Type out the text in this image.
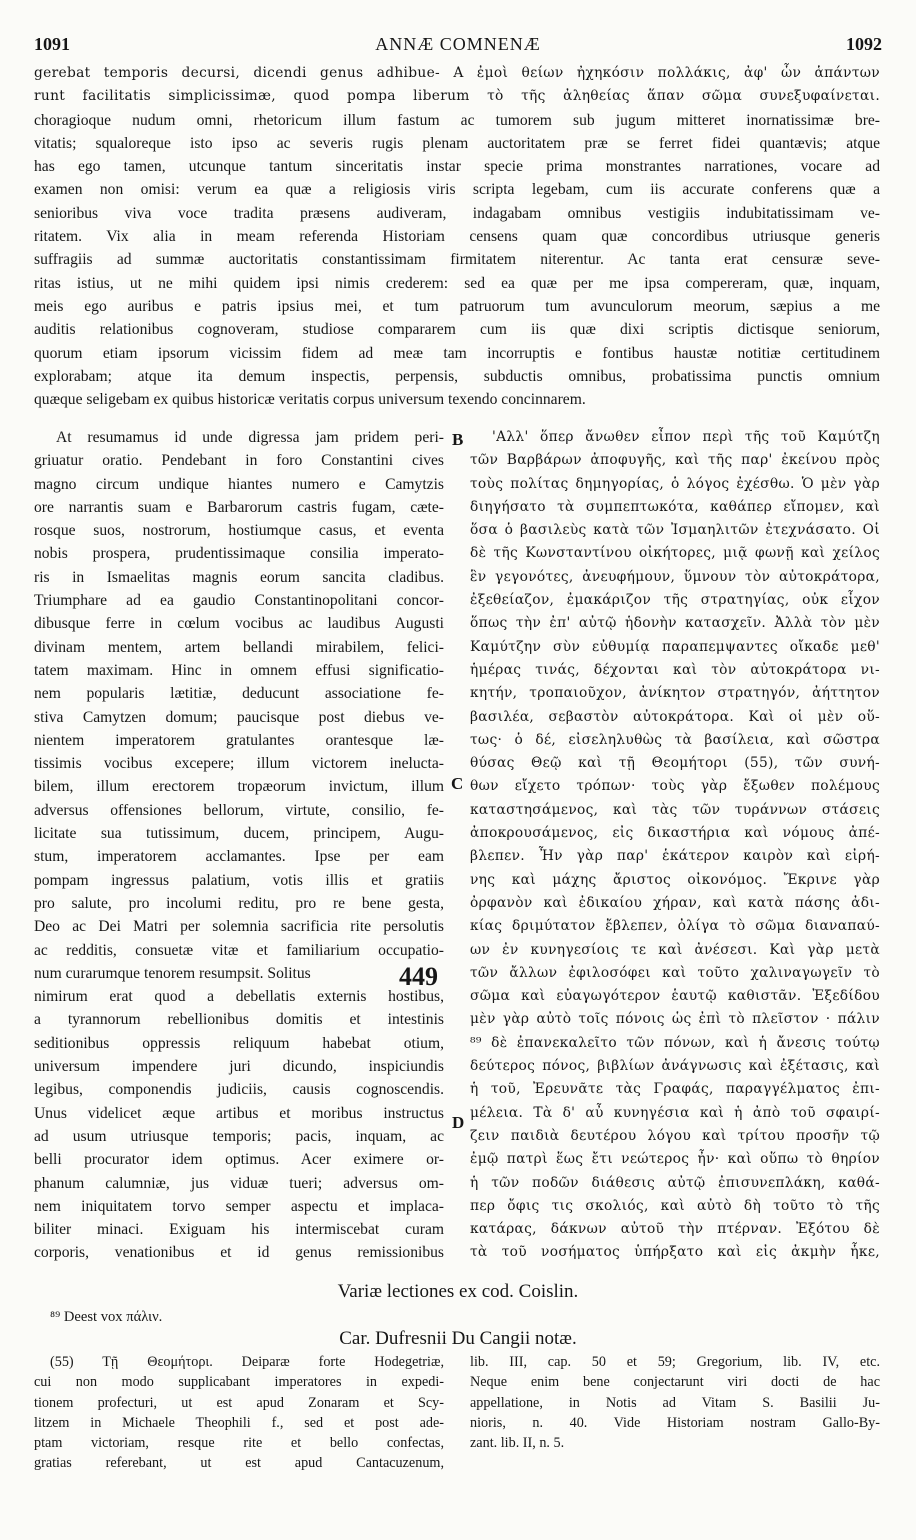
1091	ANNÆ COMNENÆ	1092
gerebat temporis decursi, dicendi genus adhibue- A ἐμοὶ θείων ἠχηκόσιν πολλάκις, ἀφ' ὧν ἁπάντων
runt facilitatis simplicissimæ, quod pompa liberum τὸ τῆς ἀληθείας ἅπαν σῶμα συνεξυφαίνεται.
choragioque nudum omni, rhetoricum illum fastum ac tumorem sub jugum mitteret inornatissimæ bre-
vitatis; squaloreque isto ipso ac severis rugis plenam auctoritatem præ se ferret fidei quantævis; atque
has ego tamen, utcunque tantum sinceritatis instar specie prima monstrantes narrationes, vocare ad
examen non omisi: verum ea quæ a religiosis viris scripta legebam, cum iis accurate conferens quæ a
senioribus viva voce tradita præsens audiveram, indagabam omnibus vestigiis indubitatissimam ve-
ritatem. Vix alia in meam referenda Historiam censens quam quæ concordibus utriusque generis
suffragiis ad summæ auctoritatis constantissimam firmitatem niterentur. Ac tanta erat censuræ seve-
ritas istius, ut ne mihi quidem ipsi nimis crederem: sed ea quæ per me ipsa compereram, quæ, inquam,
meis ego auribus e patris ipsius mei, et tum patruorum tum avunculorum meorum, sæpius a me
auditis relationibus cognoveram, studiose compararem cum iis quæ dixi scriptis dictisque seniorum,
quorum etiam ipsorum vicissim fidem ad meæ tam incorruptis e fontibus haustæ notitiæ certitudinem
explorabam; atque ita demum inspectis, perpensis, subductis omnibus, probatissima punctis omnium
quæque seligebam ex quibus historicæ veritatis corpus universum texendo concinnarem.
At resumamus id unde digressa jam pridem peri-
griuatur oratio. Pendebant in foro Constantini cives
magno circum undique hiantes numero e Camytzis
ore narrantis suam e Barbarorum castris fugam, cæte-
rosque suos, nostrorum, hostiumque casus, et eventa
nobis prospera, prudentissimaque consilia imperato-
ris in Ismaelitas magnis eorum sancita cladibus.
Triumphare ad ea gaudio Constantinopolitani concor-
dibusque ferre in cœlum vocibus ac laudibus Augusti
divinam mentem, artem bellandi mirabilem, felici-
tatem maximam. Hinc in omnem effusi significatio-
nem popularis lætitiæ, deducunt associatione fe-
stiva Camytzen domum; paucisque post diebus ve-
nientem imperatorem gratulantes orantesque læ-
tissimis vocibus excepere; illum victorem ineluctа-
bilem, illum erectorem tropæorum invictum, illum
adversus offensiones bellorum, virtute, consilio, fe-
licitate sua tutissimum, ducem, principem, Augu-
stum, imperatorem acclamantes. Ipse per eam
pompam ingressus palatium, votis illis et gratiis
pro salute, pro incolumi reditu, pro re bene gesta,
Deo ac Dei Matri per solemnia sacrificia rite persolutis
ac redditis, consuetæ vitæ et familiarium occupatio-
num curarumque tenorem resumpsit. Solitus
nimirum erat quod a debellatis externis hostibus,
a tyrannorum rebellionibus domitis et intestinis
seditionibus oppressis reliquum habebat otium,
universum impendere juri dicundo, inspiciundis
legibus, componendis judiciis, causis cognoscendis.
Unus videlicet æque artibus et moribus instructus
ad usum utriusque temporis; pacis, inquam, ac
belli procurator idem optimus. Acer eximere or-
phanum calumniæ, jus viduæ tueri; adversus om-
nem iniquitatem torvo semper aspectu et implaca-
biliter minaci. Exiguam his intermiscebat curam
corporis, venationibus et id genus remissionibus
449
B
C
D
'Αλλ' ὅπερ ἄνωθεν εἶπον περὶ τῆς τοῦ Καμύτζη
τῶν Βαρβάρων ἀποφυγῆς, καὶ τῆς παρ' ἐκείνου πρὸς
τοὺς πολίτας δημηγορίας, ὁ λόγος ἐχέσθω. Ὁ μὲν γὰρ
διηγήσατο τὰ συμπεπτωκότα, καθάπερ εἴπομεν, καὶ
ὅσα ὁ βασιλεὺς κατὰ τῶν Ἰσμαηλιτῶν ἐτεχνάσατο. Οἱ
δὲ τῆς Κωνσταντίνου οἰκήτορες, μιᾷ φωνῇ καὶ χείλος
ἓν γεγονότες, ἀνευφήμουν, ὕμνουν τὸν αὐτοκράτορα,
ἐξεθείαζον, ἐμακάριζον τῆς στρατηγίας, οὐκ εἶχον
ὅπως τὴν ἐπ' αὐτῷ ἡδονὴν κατασχεῖν. Ἀλλὰ τὸν μὲν
Καμύτζην σὺν εὐθυμίᾳ παραπεμψαντες οἴκαδε μεθ'
ἡμέρας τινάς, δέχονται καὶ τὸν αὐτοκράτορα νι-
κητήν, τροπαιοῦχον, ἀνίκητον στρατηγόν, ἀήττητον
βασιλέα, σεβαστὸν αὐτοκράτορα. Καὶ οἱ μὲν οὕ-
τως· ὁ δέ, εἰσεληλυθὼς τὰ βασίλεια, καὶ σῶστρα
θύσας Θεῷ καὶ τῇ Θεομήτορι (55), τῶν συνή-
θων εἴχετο τρόπων· τοὺς γὰρ ἔξωθεν πολέμους
καταστησάμενος, καὶ τὰς τῶν τυράννων στάσεις
ἀποκρουσάμενος, εἰς δικαστήρια καὶ νόμους ἀπέ-
βλεπεν. Ἦν γὰρ παρ' ἑκάτερον καιρὸν καὶ εἰρή-
νης καὶ μάχης ἄριστος οἰκονόμος. Ἔκρινε γὰρ
ὀρφανὸν καὶ ἐδικαίου χήραν, καὶ κατὰ πάσης ἀδι-
κίας δριμύτατον ἔβλεπεν, ὀλίγα τὸ σῶμα διαναπαύ-
ων ἐν κυνηγεσίοις τε καὶ ἀνέσεσι. Καὶ γὰρ μετὰ
τῶν ἄλλων ἐφιλοσόφει καὶ τοῦτο χαλιναγωγεῖν τὸ
σῶμα καὶ εὐαγωγότερον ἑαυτῷ καθιστᾶν. Ἐξεδίδου
μὲν γὰρ αὐτὸ τοῖς πόνοις ὡς ἐπὶ τὸ πλεῖστον · πάλιν
⁸⁹ δὲ ἐπανεκαλεῖτο τῶν πόνων, καὶ ἡ ἄνεσις τούτῳ
δεύτερος πόνος, βιβλίων ἀνάγνωσις καὶ ἐξέτασις, καὶ
ἡ τοῦ, Ἐρευνᾶτε τὰς Γραφάς, παραγγέλματος ἐπι-
μέλεια. Τὰ δ' αὖ κυνηγέσια καὶ ἡ ἀπὸ τοῦ σφαιρί-
ζειν παιδιὰ δευτέρου λόγου καὶ τρίτου προσῆν τῷ
ἐμῷ πατρὶ ἕως ἔτι νεώτερος ἦν· καὶ οὕπω τὸ θηρίον
ἡ τῶν ποδῶν διάθεσις αὐτῷ ἐπισυνεπλάκη, καθά-
περ ὄφις τις σκολιός, καὶ αὐτὸ δὴ τοῦτο τὸ τῆς
κατάρας, δάκνων αὐτοῦ τὴν πτέρναν. Ἐξότου δὲ
τὰ τοῦ νοσήματος ὑπήρξατο καὶ εἰς ἀκμὴν ἧκε,
Variæ lectiones ex cod. Coislin.
⁸⁹ Deest vox πάλιν.
Car. Dufresnii Du Cangii notæ.
(55) Τῇ Θεομήτορι. Deiparæ forte Hodegetriæ,
cui non modo supplicabant imperatores in expedi-
tionem profecturi, ut est apud Zonaram et Scy-
litzem in Michaele Theophili f., sed et post ade-
ptam victoriam, resque rite et bello confectas,
gratias referebant, ut est apud Cantacuzenum,
lib. III, cap. 50 et 59; Gregorium, lib. IV, etc.
Neque enim bene conjectarunt viri docti de hac
appellatione, in Notis ad Vitam S. Basilii Ju-
nioris, n. 40. Vide Historiam nostram Gallo-By-
zant. lib. II, n. 5.
